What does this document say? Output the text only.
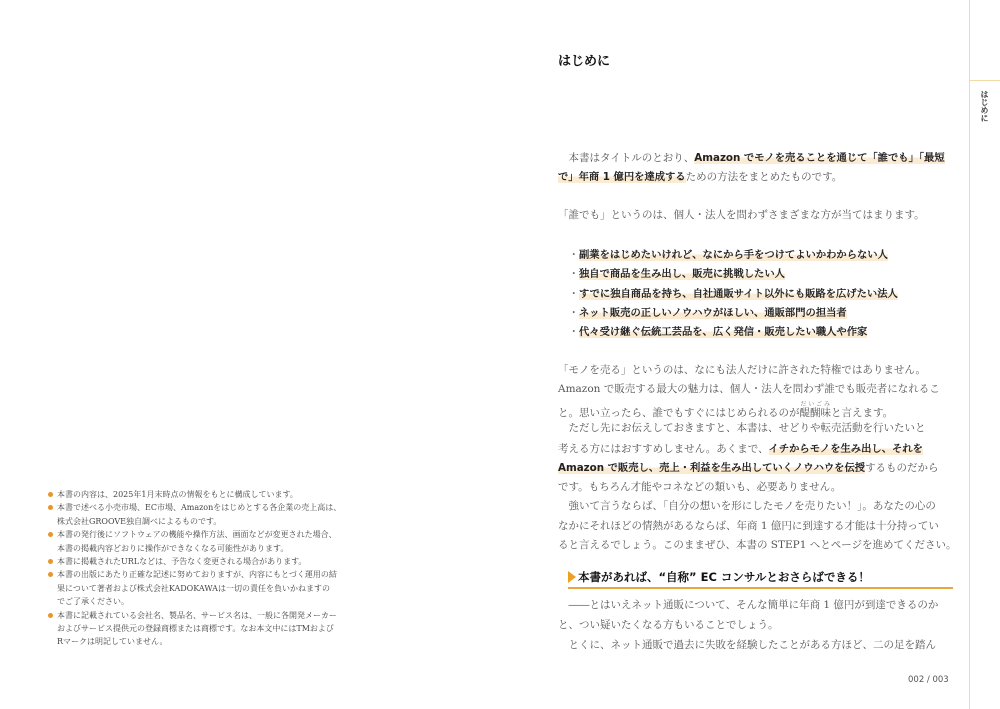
本書の内容は、2025年1月末時点の情報をもとに構成しています。
本書で述べる小売市場、EC市場、Amazonをはじめとする各企業の売上高は、
株式会社GROOVE独自調べによるものです。
本書の発行後にソフトウェアの機能や操作方法、画面などが変更された場合、
本書の掲載内容どおりに操作ができなくなる可能性があります。
本書に掲載されたURLなどは、予告なく変更される場合があります。
本書の出版にあたり正確な記述に努めておりますが、内容にもとづく運用の結
果について著者および株式会社KADOKAWAは一切の責任を負いかねますの
でご了承ください。
本書に記載されている会社名、製品名、サービス名は、一般に各開発メーカー
およびサービス提供元の登録商標または商標です。なお本文中にはTMおよび
Rマークは明記していません。
はじめに
　本書はタイトルのとおり、Amazon でモノを売ることを通じて「誰でも」「最短
で」年商 1 億円を達成するための方法をまとめたものです。
「誰でも」というのは、個人・法人を問わずさまざまな方が当てはまります。
　・副業をはじめたいけれど、なにから手をつけてよいかわからない人
　・独自で商品を生み出し、販売に挑戦したい人
　・すでに独自商品を持ち、自社通販サイト以外にも販路を広げたい法人
　・ネット販売の正しいノウハウがほしい、通販部門の担当者
　・代々受け継ぐ伝統工芸品を、広く発信・販売したい職人や作家
「モノを売る」というのは、なにも法人だけに許された特権ではありません。
Amazon で販売する最大の魅力は、個人・法人を問わず誰でも販売者になれるこ
と。思い立ったら、誰でもすぐにはじめられるのが醍醐味だいごみと言えます。
　ただし先にお伝えしておきますと、本書は、せどりや転売活動を行いたいと
考える方にはおすすめしません。あくまで、イチからモノを生み出し、それを
Amazon で販売し、売上・利益を生み出していくノウハウを伝授するものだから
です。もちろん才能やコネなどの類いも、必要ありません。
　強いて言うならば、「自分の想いを形にしたモノを売りたい！」。あなたの心の
なかにそれほどの情熱があるならば、年商 1 億円に到達する才能は十分持ってい
ると言えるでしょう。このままぜひ、本書の STEP1 へとページを進めてください。
本書があれば、“自称” EC コンサルとおさらばできる！
　――とはいえネット通販について、そんな簡単に年商 1 億円が到達できるのか
と、つい疑いたくなる方もいることでしょう。
　とくに、ネット通販で過去に失敗を経験したことがある方ほど、二の足を踏ん
002 / 003
はじめに
